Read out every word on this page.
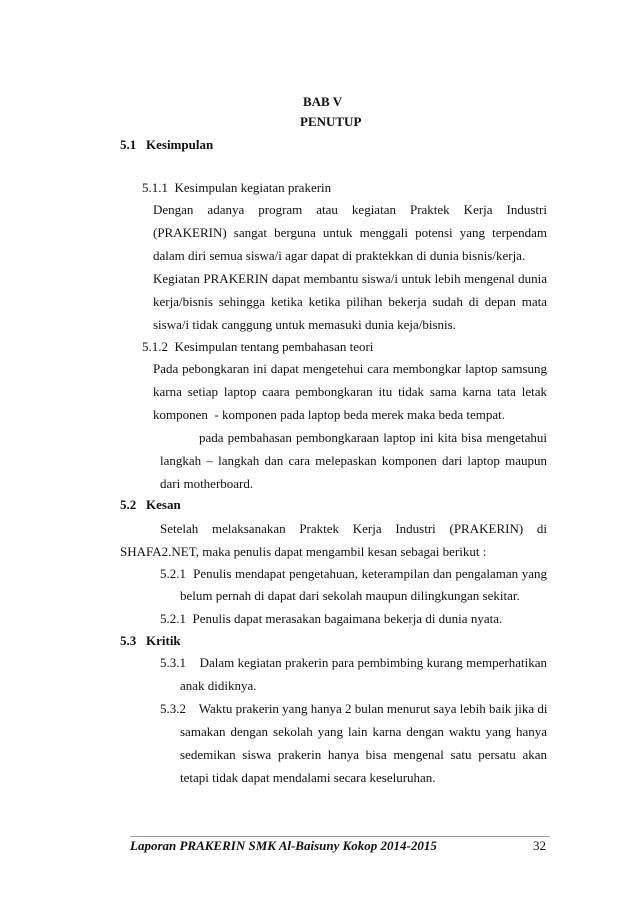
BAB V
PENUTUP
5.1   Kesimpulan
5.1.1  Kesimpulan kegiatan prakerin
Dengan adanya program atau kegiatan Praktek Kerja Industri
(PRAKERIN) sangat berguna untuk menggali potensi yang terpendam
dalam diri semua siswa/i agar dapat di praktekkan di dunia bisnis/kerja.
Kegiatan PRAKERIN dapat membantu siswa/i untuk lebih mengenal dunia
kerja/bisnis sehingga ketika ketika pilihan bekerja sudah di depan mata
siswa/i tidak canggung untuk memasuki dunia keja/bisnis.
5.1.2  Kesimpulan tentang pembahasan teori
Pada pebongkaran ini dapat mengetehui cara membongkar laptop samsung
karna setiap laptop caara pembongkaran itu tidak sama karna tata letak
komponen  - komponen pada laptop beda merek maka beda tempat.
pada pembahasan pembongkaraan laptop ini kita bisa mengetahui
langkah – langkah dan cara melepaskan komponen dari laptop maupun
dari motherboard.
5.2   Kesan
Setelah melaksanakan Praktek Kerja Industri (PRAKERIN) di
SHAFA2.NET, maka penulis dapat mengambil kesan sebagai berikut :
5.2.1  Penulis mendapat pengetahuan, keterampilan dan pengalaman yang
belum pernah di dapat dari sekolah maupun dilingkungan sekitar.
5.2.1  Penulis dapat merasakan bagaimana bekerja di dunia nyata.
5.3   Kritik
5.3.1    Dalam kegiatan prakerin para pembimbing kurang memperhatikan
anak didiknya.
5.3.2    Waktu prakerin yang hanya 2 bulan menurut saya lebih baik jika di
samakan dengan sekolah yang lain karna dengan waktu yang hanya
sedemikan siswa prakerin hanya bisa mengenal satu persatu akan
tetapi tidak dapat mendalami secara keseluruhan.
Laporan PRAKERIN SMK Al-Baisuny Kokop 2014-2015	32
